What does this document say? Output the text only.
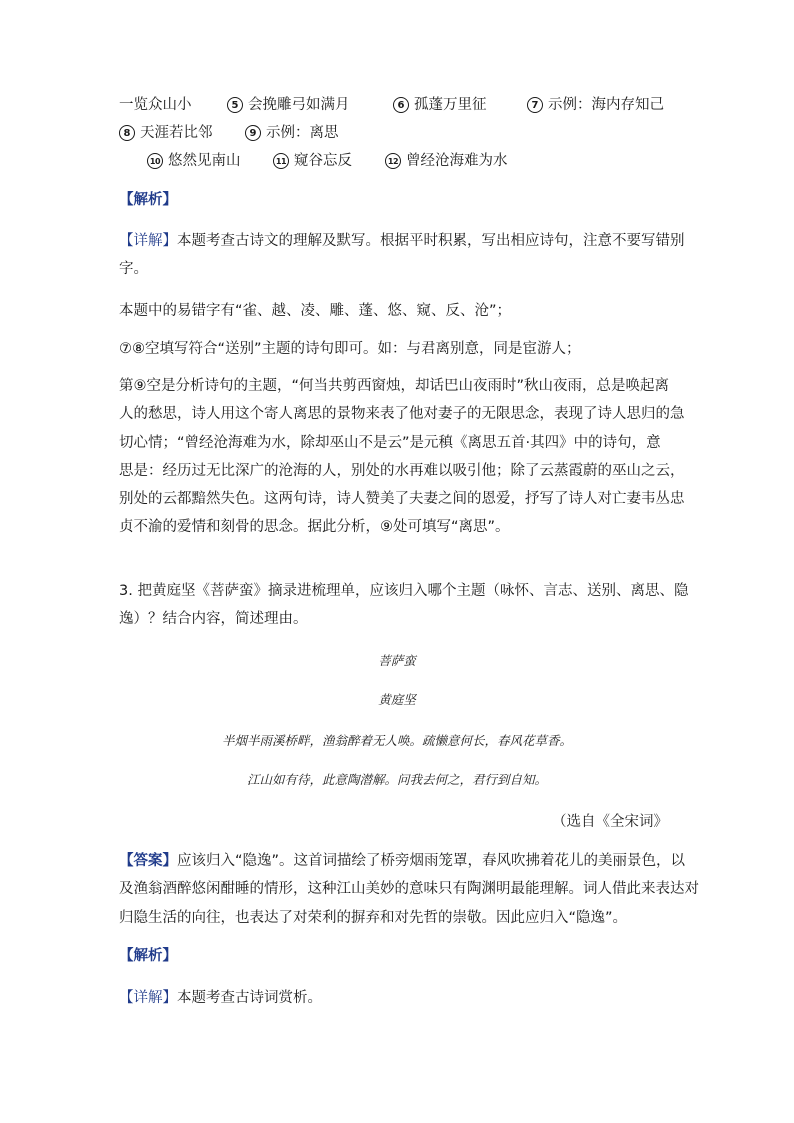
一览众山小	5 会挽雕弓如满月	6 孤蓬万里征	7 示例：海内存知己
8 天涯若比邻	9 示例：离思
10 悠然见南山	11 窥谷忘反	12 曾经沧海难为水
【解析】
【详解】本题考查古诗文的理解及默写。根据平时积累，写出相应诗句，注意不要写错别
字。
本题中的易错字有“雀、越、凌、雕、蓬、悠、窥、反、沧”；
⑦⑧空填写符合“送别”主题的诗句即可。如：与君离别意，同是宦游人；
第⑨空是分析诗句的主题，“何当共剪西窗烛，却话巴山夜雨时”秋山夜雨，总是唤起离
人的愁思，诗人用这个寄人离思的景物来表了他对妻子的无限思念，表现了诗人思归的急
切心情；“曾经沧海难为水，除却巫山不是云”是元稹《离思五首·其四》中的诗句，意
思是：经历过无比深广的沧海的人，别处的水再难以吸引他；除了云蒸霞蔚的巫山之云，
别处的云都黯然失色。这两句诗，诗人赞美了夫妻之间的恩爱，抒写了诗人对亡妻韦丛忠
贞不渝的爱情和刻骨的思念。据此分析，⑨处可填写“离思”。
3. 把黄庭坚《菩萨蛮》摘录进梳理单，应该归入哪个主题（咏怀、言志、送别、离思、隐
逸）？结合内容，简述理由。
菩萨蛮
黄庭坚
半烟半雨溪桥畔，渔翁醉着无人唤。疏懒意何长，春风花草香。
江山如有待，此意陶潜解。问我去何之，君行到自知。
（选自《全宋词》
【答案】应该归入“隐逸”。这首词描绘了桥旁烟雨笼罩，春风吹拂着花儿的美丽景色，以
及渔翁酒醉悠闲酣睡的情形，这种江山美妙的意味只有陶渊明最能理解。词人借此来表达对
归隐生活的向往，也表达了对荣利的摒弃和对先哲的崇敬。因此应归入“隐逸”。
【解析】
【详解】本题考查古诗词赏析。
